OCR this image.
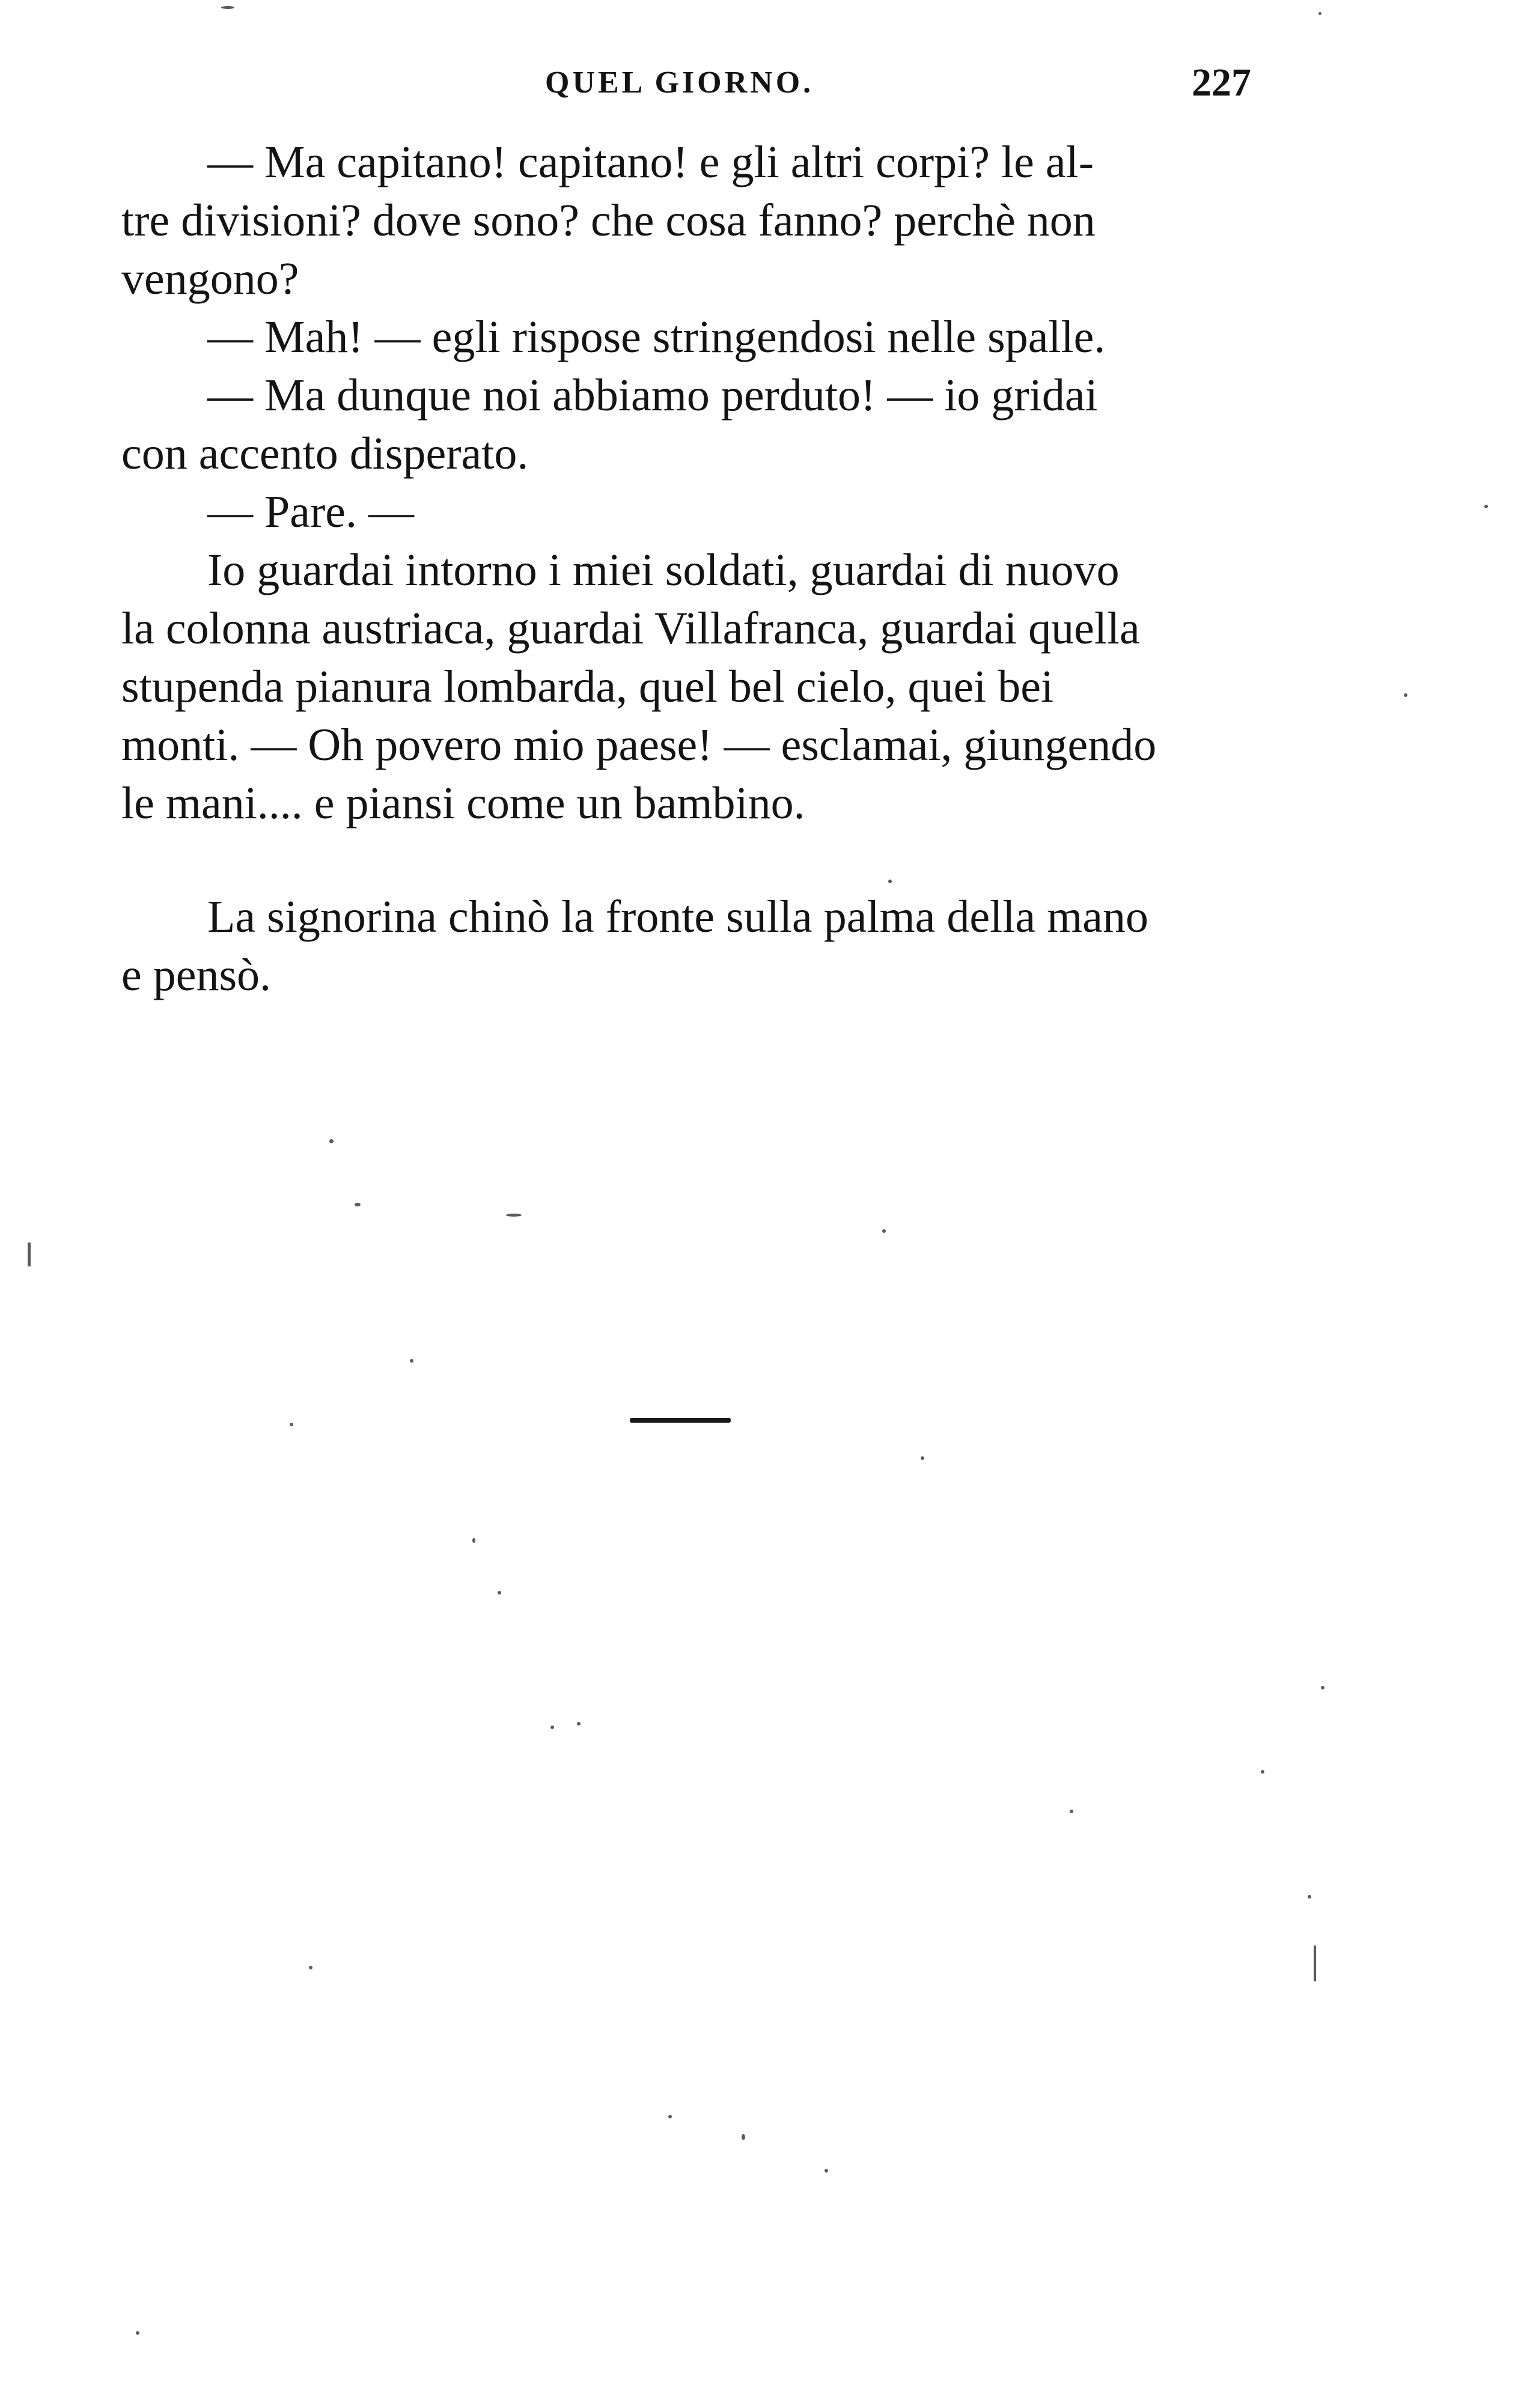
QUEL GIORNO.	227

— Ma capitano! capitano! e gli altri corpi? le al-
tre divisioni? dove sono? che cosa fanno? perchè non
vengono?

— Mah! — egli rispose stringendosi nelle spalle.

— Ma dunque noi abbiamo perduto! — io gridai
con accento disperato.

— Pare. —

Io guardai intorno i miei soldati, guardai di nuovo
la colonna austriaca, guardai Villafranca, guardai quella
stupenda pianura lombarda, quel bel cielo, quei bei
monti. — Oh povero mio paese! — esclamai, giungendo
le mani.... e piansi come un bambino.

La signorina chinò la fronte sulla palma della mano
e pensò.
